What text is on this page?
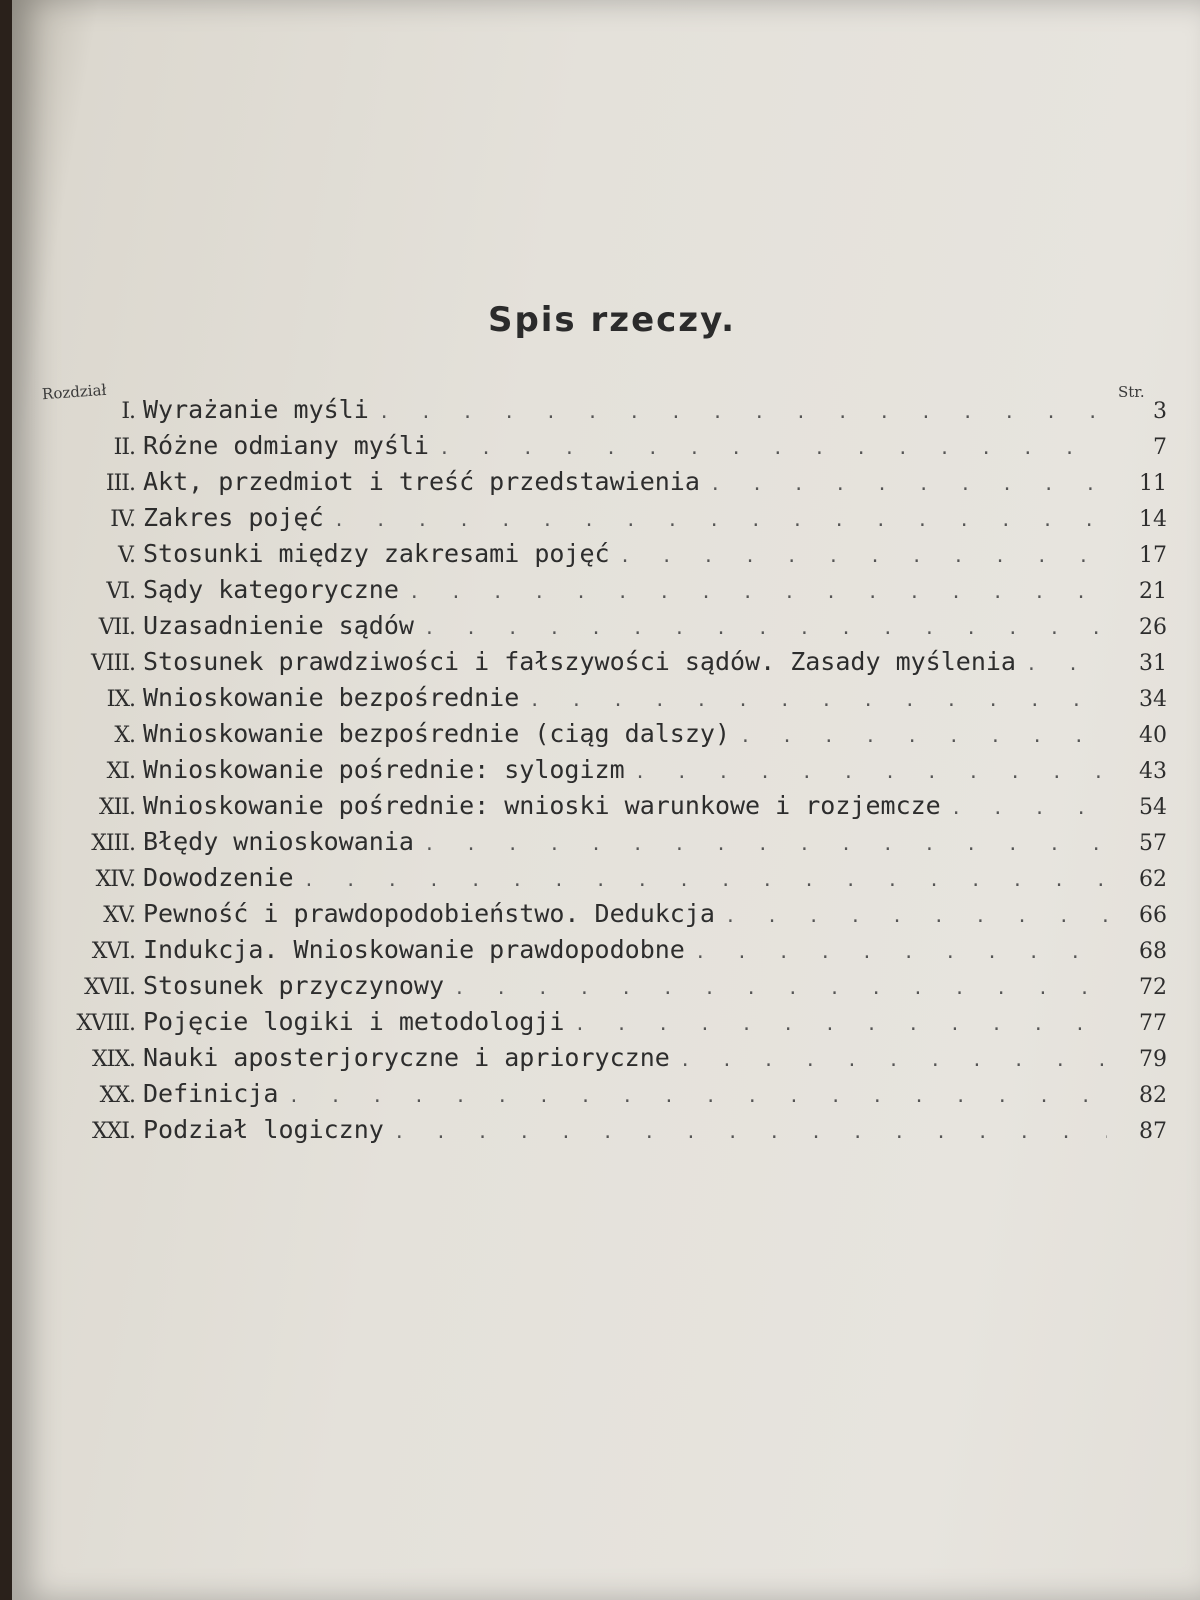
Spis rzeczy.
Rozdział	Str.
I. Wyrażanie myśli . . .	3
II. Różne odmiany myśli . . .	7
III. Akt, przedmiot i treść przedstawienia . . .	11
IV. Zakres pojęć . . .	14
V. Stosunki między zakresami pojęć . . .	17
VI. Sądy kategoryczne . . .	21
VII. Uzasadnienie sądów . . .	26
VIII. Stosunek prawdziwości i fałszywości sądów. Zasady myślenia . . .	31
IX. Wnioskowanie bezpośrednie . . .	34
X. Wnioskowanie bezpośrednie (ciąg dalszy) . . .	40
XI. Wnioskowanie pośrednie: sylogizm . . .	43
XII. Wnioskowanie pośrednie: wnioski warunkowe i rozjemcze . . .	54
XIII. Błędy wnioskowania . . .	57
XIV. Dowodzenie . . .	62
XV. Pewność i prawdopodobieństwo. Dedukcja . . .	66
XVI. Indukcja. Wnioskowanie prawdopodobne . . .	68
XVII. Stosunek przyczynowy . . .	72
XVIII. Pojęcie logiki i metodologji . . .	77
XIX. Nauki aposterjoryczne i aprioryczne . . .	79
XX. Definicja . . .	82
XXI. Podział logiczny . . .	87
